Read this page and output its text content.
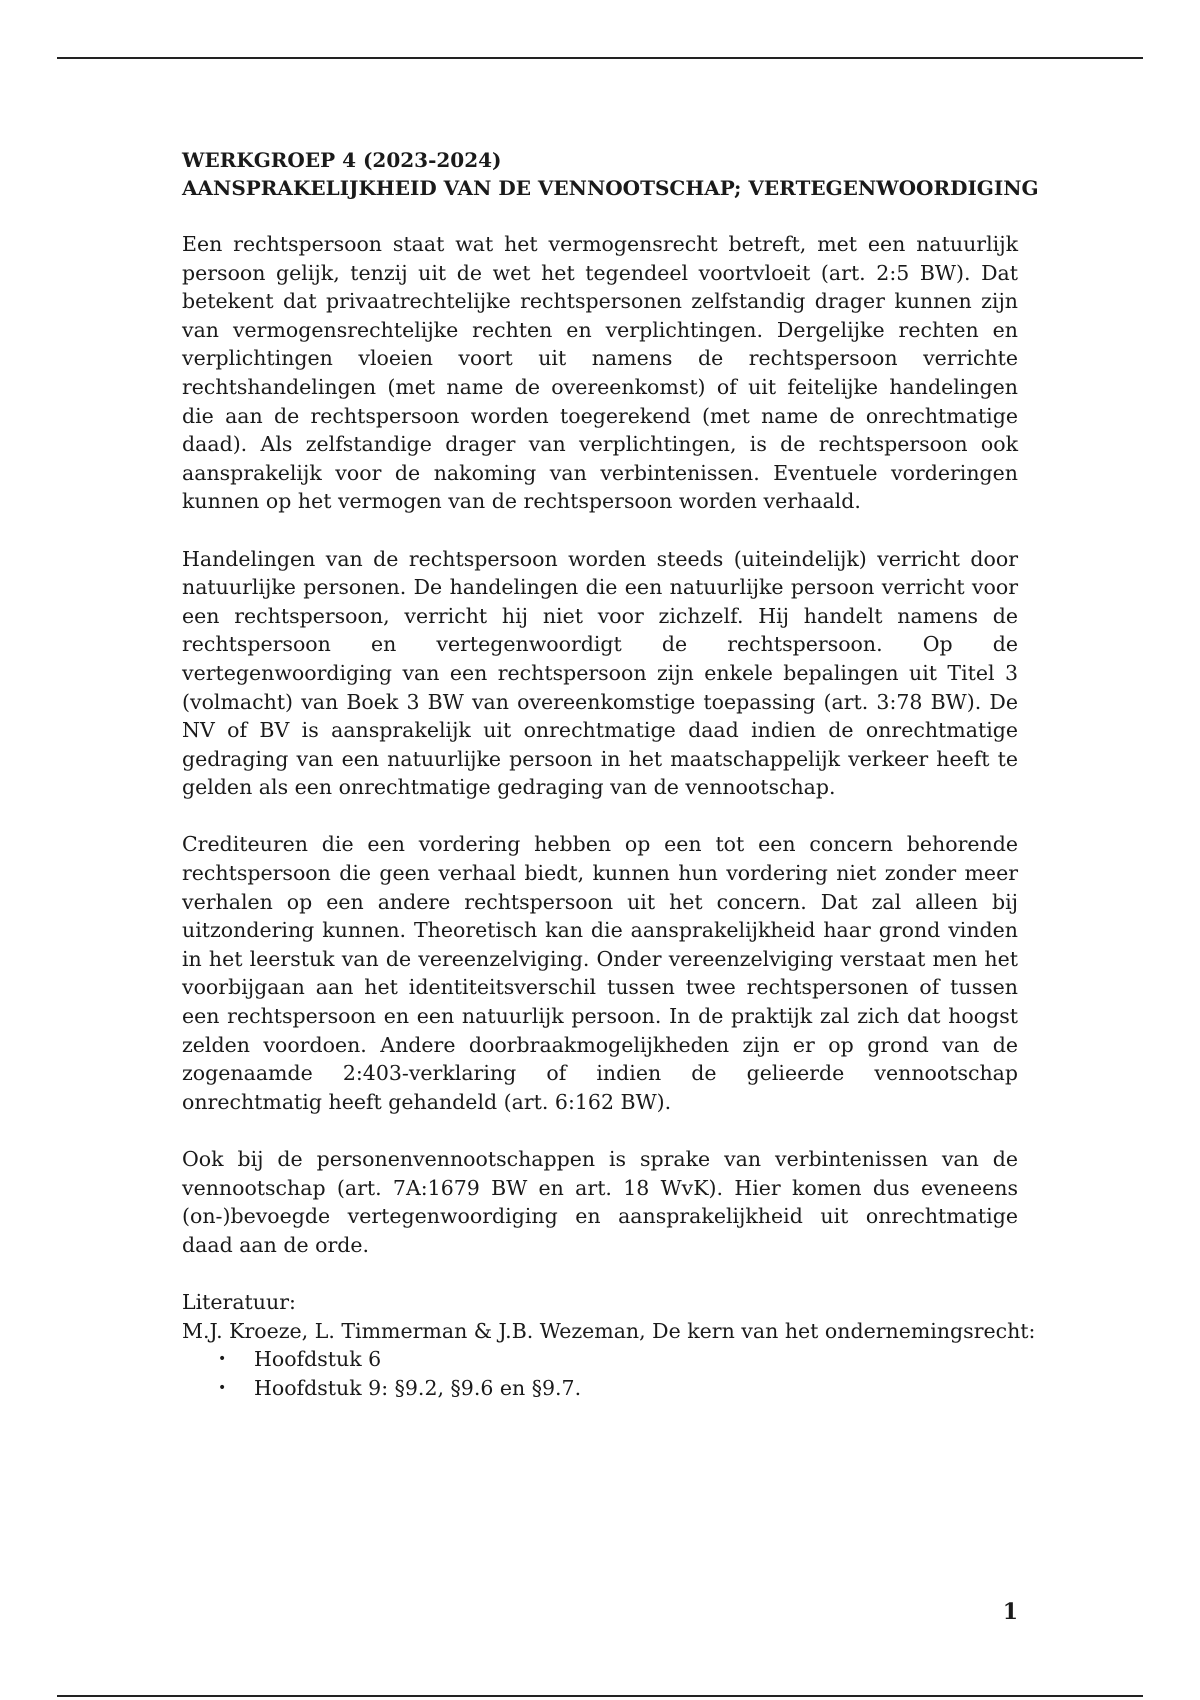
WERKGROEP 4 (2023-2024)
AANSPRAKELIJKHEID VAN DE VENNOOTSCHAP; VERTEGENWOORDIGING

Een rechtspersoon staat wat het vermogensrecht betreft, met een natuurlijk persoon gelijk, tenzij uit de wet het tegendeel voortvloeit (art. 2:5 BW). Dat betekent dat privaatrechtelijke rechtspersonen zelfstandig drager kunnen zijn van vermogensrechtelijke rechten en verplichtingen. Dergelijke rechten en verplichtingen vloeien voort uit namens de rechtspersoon verrichte rechtshandelingen (met name de overeenkomst) of uit feitelijke handelingen die aan de rechtspersoon worden toegerekend (met name de onrechtmatige daad). Als zelfstandige drager van verplichtingen, is de rechtspersoon ook aansprakelijk voor de nakoming van verbintenissen. Eventuele vorderingen kunnen op het vermogen van de rechtspersoon worden verhaald.

Handelingen van de rechtspersoon worden steeds (uiteindelijk) verricht door natuurlijke personen. De handelingen die een natuurlijke persoon verricht voor een rechtspersoon, verricht hij niet voor zichzelf. Hij handelt namens de rechtspersoon en vertegenwoordigt de rechtspersoon. Op de vertegenwoordiging van een rechtspersoon zijn enkele bepalingen uit Titel 3 (volmacht) van Boek 3 BW van overeenkomstige toepassing (art. 3:78 BW). De NV of BV is aansprakelijk uit onrechtmatige daad indien de onrechtmatige gedraging van een natuurlijke persoon in het maatschappelijk verkeer heeft te gelden als een onrechtmatige gedraging van de vennootschap.

Crediteuren die een vordering hebben op een tot een concern behorende rechtspersoon die geen verhaal biedt, kunnen hun vordering niet zonder meer verhalen op een andere rechtspersoon uit het concern. Dat zal alleen bij uitzondering kunnen. Theoretisch kan die aansprakelijkheid haar grond vinden in het leerstuk van de vereenzelviging. Onder vereenzelviging verstaat men het voorbijgaan aan het identiteitsverschil tussen twee rechtspersonen of tussen een rechtspersoon en een natuurlijk persoon. In de praktijk zal zich dat hoogst zelden voordoen. Andere doorbraakmogelijkheden zijn er op grond van de zogenaamde 2:403-verklaring of indien de gelieerde vennootschap onrechtmatig heeft gehandeld (art. 6:162 BW).

Ook bij de personenvennootschappen is sprake van verbintenissen van de vennootschap (art. 7A:1679 BW en art. 18 WvK). Hier komen dus eveneens (on-)bevoegde vertegenwoordiging en aansprakelijkheid uit onrechtmatige daad aan de orde.

Literatuur:

M.J. Kroeze, L. Timmerman & J.B. Wezeman, De kern van het ondernemingsrecht:

• Hoofdstuk 6
• Hoofdstuk 9: §9.2, §9.6 en §9.7.
1
